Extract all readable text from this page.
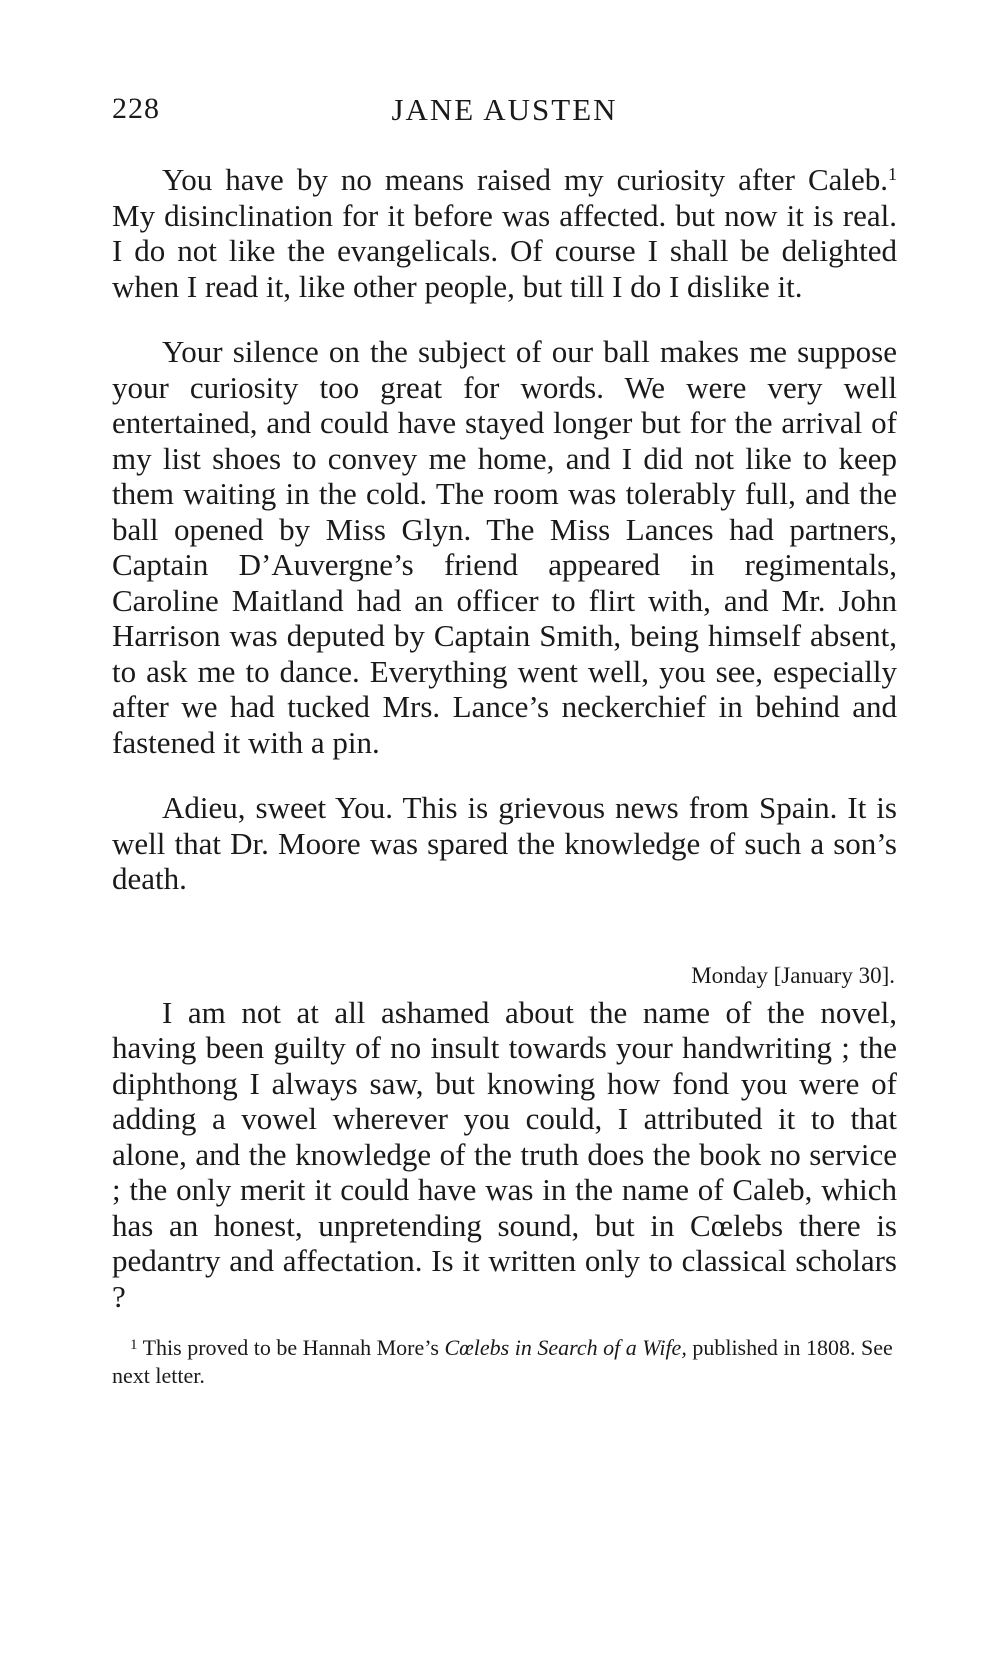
228	JANE AUSTEN

You have by no means raised my curiosity after Caleb.$^1$ My disinclination for it before was affected. but now it is real. I do not like the evangelicals. Of course I shall be delighted when I read it, like other people, but till I do I dislike it.

Your silence on the subject of our ball makes me suppose your curiosity too great for words. We were very well entertained, and could have stayed longer but for the arrival of my list shoes to convey me home, and I did not like to keep them waiting in the cold. The room was tolerably full, and the ball opened by Miss Glyn. The Miss Lances had partners, Captain D’Auvergne’s friend appeared in regimentals, Caroline Maitland had an officer to flirt with, and Mr. John Harrison was deputed by Captain Smith, being himself absent, to ask me to dance. Everything went well, you see, especially after we had tucked Mrs. Lance’s neckerchief in behind and fastened it with a pin.

Adieu, sweet You. This is grievous news from Spain. It is well that Dr. Moore was spared the knowledge of such a son’s death.

Monday [January 30].

I am not at all ashamed about the name of the novel, having been guilty of no insult towards your handwriting ; the diphthong I always saw, but knowing how fond you were of adding a vowel wherever you could, I attributed it to that alone, and the knowledge of the truth does the book no service ; the only merit it could have was in the name of Caleb, which has an honest, unpretending sound, but in Cœlebs there is pedantry and affectation. Is it written only to classical scholars ?

$^1$ This proved to be Hannah More’s Cœlebs in Search of a Wife, published in 1808. See next letter.
